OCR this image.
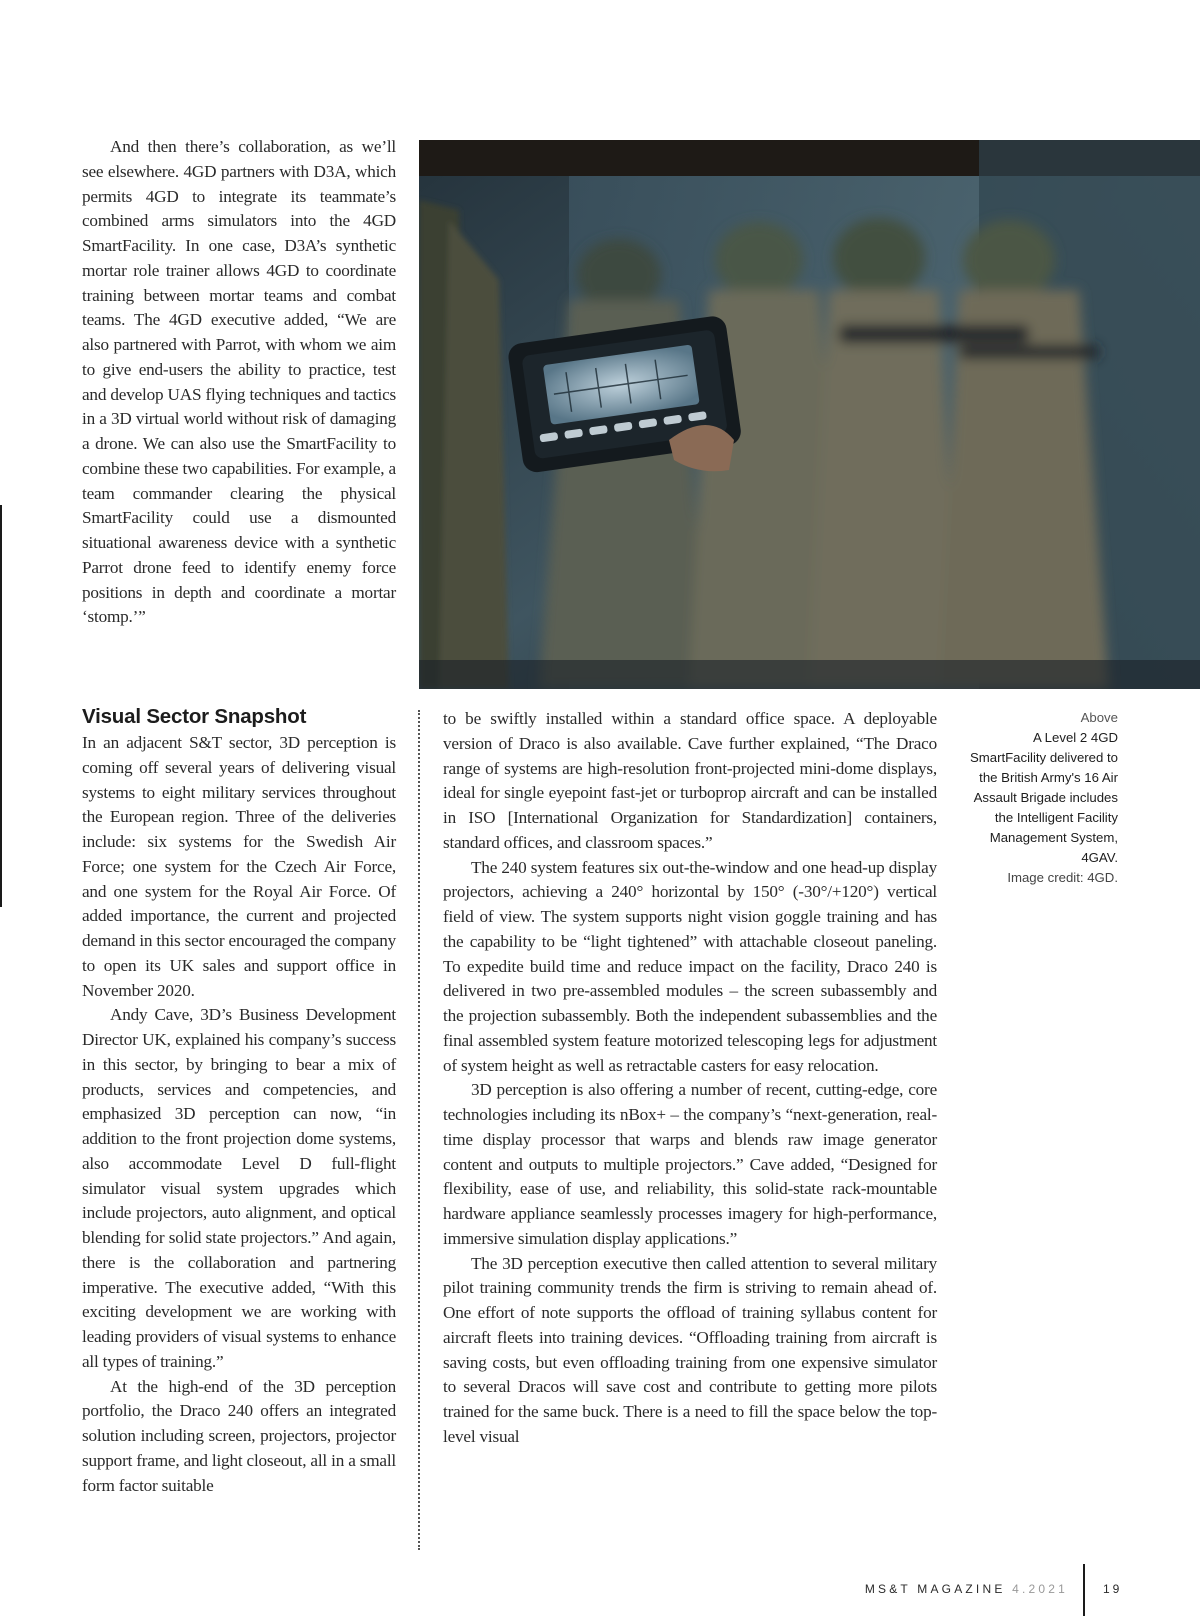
And then there’s collaboration, as we’ll see elsewhere. 4GD partners with D3A, which permits 4GD to integrate its teammate’s combined arms simulators into the 4GD SmartFacility. In one case, D3A’s synthetic mortar role trainer allows 4GD to coordinate training between mortar teams and combat teams. The 4GD executive added, “We are also partnered with Parrot, with whom we aim to give end-users the ability to practice, test and develop UAS flying techniques and tactics in a 3D virtual world without risk of damaging a drone. We can also use the SmartFacility to combine these two capabilities. For example, a team commander clearing the physical SmartFacility could use a dismounted situational awareness device with a synthetic Parrot drone feed to identify enemy force positions in depth and coordinate a mortar ‘stomp.’”

Visual Sector Snapshot

In an adjacent S&T sector, 3D perception is coming off several years of delivering visual systems to eight military services throughout the European region. Three of the deliveries include: six systems for the Swedish Air Force; one system for the Czech Air Force, and one system for the Royal Air Force. Of added importance, the current and projected demand in this sector encouraged the company to open its UK sales and support office in November 2020.

Andy Cave, 3D’s Business Development Director UK, explained his company’s success in this sector, by bringing to bear a mix of products, services and competencies, and emphasized 3D perception can now, “in addition to the front projection dome systems, also accommodate Level D full-flight simulator visual system upgrades which include projectors, auto alignment, and optical blending for solid state projectors.” And again, there is the collaboration and partnering imperative. The executive added, “With this exciting development we are working with leading providers of visual systems to enhance all types of training.”

At the high-end of the 3D perception portfolio, the Draco 240 offers an integrated solution including screen, projectors, projector support frame, and light closeout, all in a small form factor suitable

to be swiftly installed within a standard office space. A deployable version of Draco is also available. Cave further explained, “The Draco range of systems are high-resolution front-projected mini-dome displays, ideal for single eyepoint fast-jet or turboprop aircraft and can be installed in ISO [International Organization for Standardization] containers, standard offices, and classroom spaces.”

The 240 system features six out-the-window and one head-up display projectors, achieving a 240° horizontal by 150° (-30°/+120°) vertical field of view. The system supports night vision goggle training and has the capability to be “light tightened” with attachable closeout paneling. To expedite build time and reduce impact on the facility, Draco 240 is delivered in two pre-assembled modules – the screen subassembly and the projection subassembly. Both the independent subassemblies and the final assembled system feature motorized telescoping legs for adjustment of system height as well as retractable casters for easy relocation.

3D perception is also offering a number of recent, cutting-edge, core technologies including its nBox+ – the company’s “next-generation, real-time display processor that warps and blends raw image generator content and outputs to multiple projectors.” Cave added, “Designed for flexibility, ease of use, and reliability, this solid-state rack-mountable hardware appliance seamlessly processes imagery for high-performance, immersive simulation display applications.”

The 3D perception executive then called attention to several military pilot training community trends the firm is striving to remain ahead of. One effort of note supports the offload of training syllabus content for aircraft fleets into training devices. “Offloading training from aircraft is saving costs, but even offloading training from one expensive simulator to several Dracos will save cost and contribute to getting more pilots trained for the same buck. There is a need to fill the space below the top-level visual

Above
A Level 2 4GD SmartFacility delivered to the British Army's 16 Air Assault Brigade includes the Intelligent Facility Management System, 4GAV.
Image credit: 4GD.
MS&T MAGAZINE 4.2021	19
